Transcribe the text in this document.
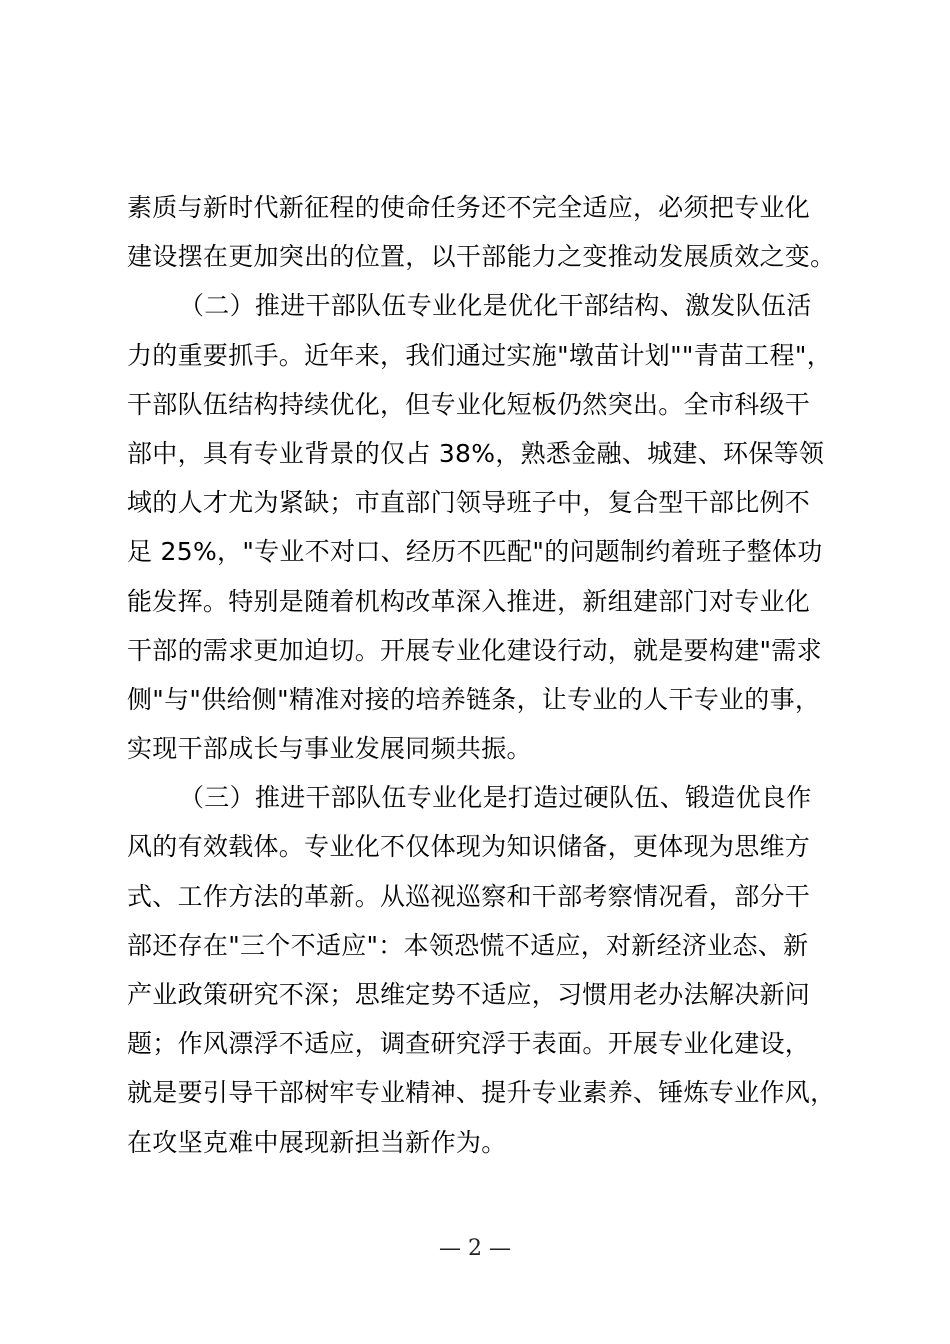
素质与新时代新征程的使命任务还不完全适应，必须把专业化
建设摆在更加突出的位置，以干部能力之变推动发展质效之变。
（二）推进干部队伍专业化是优化干部结构、激发队伍活
力的重要抓手。近年来，我们通过实施"墩苗计划""青苗工程"，
干部队伍结构持续优化，但专业化短板仍然突出。全市科级干
部中，具有专业背景的仅占 38%，熟悉金融、城建、环保等领
域的人才尤为紧缺；市直部门领导班子中，复合型干部比例不
足 25%，"专业不对口、经历不匹配"的问题制约着班子整体功
能发挥。特别是随着机构改革深入推进，新组建部门对专业化
干部的需求更加迫切。开展专业化建设行动，就是要构建"需求
侧"与"供给侧"精准对接的培养链条，让专业的人干专业的事，
实现干部成长与事业发展同频共振。
（三）推进干部队伍专业化是打造过硬队伍、锻造优良作
风的有效载体。专业化不仅体现为知识储备，更体现为思维方
式、工作方法的革新。从巡视巡察和干部考察情况看，部分干
部还存在"三个不适应"：本领恐慌不适应，对新经济业态、新
产业政策研究不深；思维定势不适应，习惯用老办法解决新问
题；作风漂浮不适应，调查研究浮于表面。开展专业化建设，
就是要引导干部树牢专业精神、提升专业素养、锤炼专业作风，
在攻坚克难中展现新担当新作为。
— 2 —
